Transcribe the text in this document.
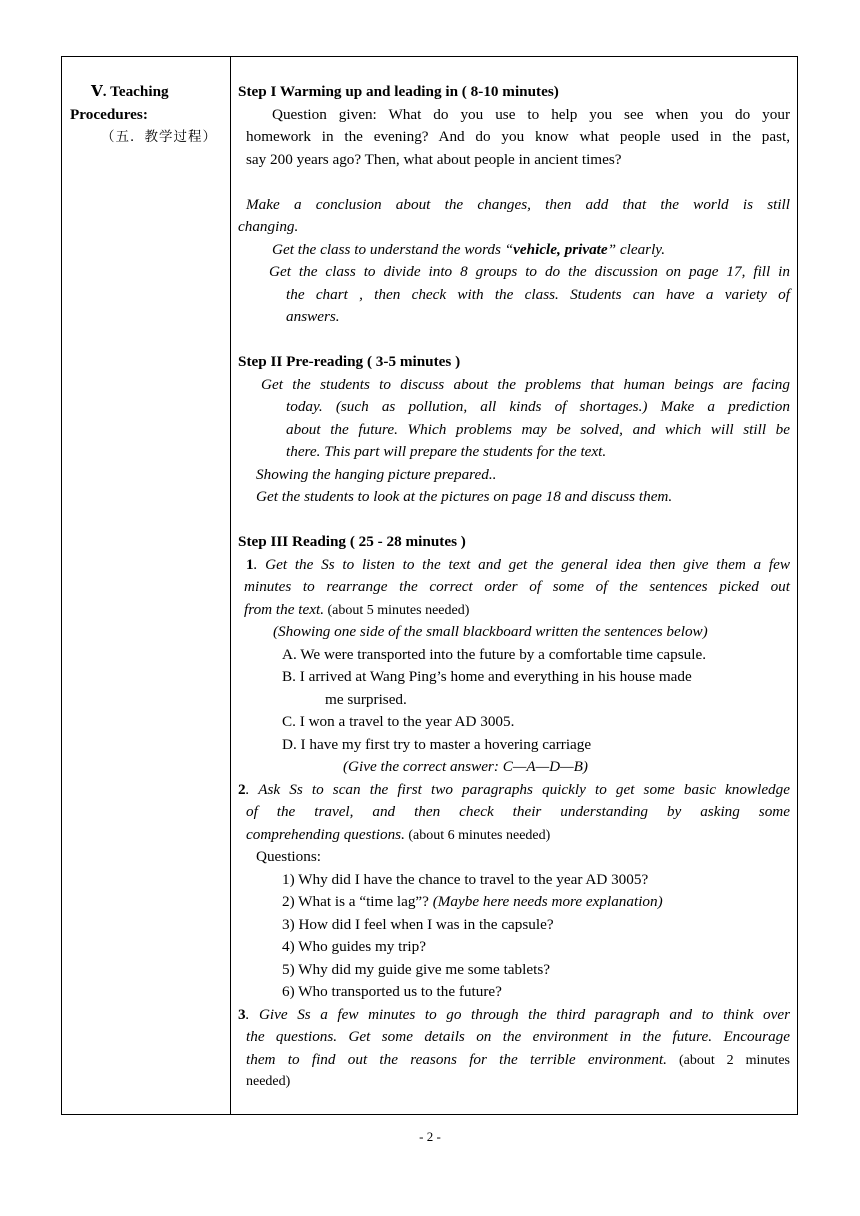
Ⅴ. Teaching
Procedures:
（五．教学过程）
Step I Warming up and leading in ( 8-10 minutes)
Question given: What do you use to help you see when you do your
homework in the evening? And do you know what people used in the past,
say 200 years ago? Then, what about people in ancient times?
Make a conclusion about the changes, then add that the world is still
changing.
Get the class to understand the words “vehicle, private” clearly.
Get the class to divide into 8 groups to do the discussion on page 17, fill in
the chart , then check with the class. Students can have a variety of
answers.
Step II Pre-reading ( 3-5 minutes )
Get the students to discuss about the problems that human beings are facing
today. (such as pollution, all kinds of shortages.) Make a prediction
about the future. Which problems may be solved, and which will still be
there. This part will prepare the students for the text.
Showing the hanging picture prepared..
Get the students to look at the pictures on page 18 and discuss them.
Step III Reading ( 25 - 28 minutes )
1. Get the Ss to listen to the text and get the general idea then give them a few
minutes to rearrange the correct order of some of the sentences picked out
from the text. (about 5 minutes needed)
(Showing one side of the small blackboard written the sentences below)
A. We were transported into the future by a comfortable time capsule.
B. I arrived at Wang Ping’s home and everything in his house made
me surprised.
C. I won a travel to the year AD 3005.
D. I have my first try to master a hovering carriage
(Give the correct answer: C—A—D—B)
2. Ask Ss to scan the first two paragraphs quickly to get some basic knowledge
of the travel, and then check their understanding by asking some
comprehending questions. (about 6 minutes needed)
Questions:
1) Why did I have the chance to travel to the year AD 3005?
2) What is a “time lag”? (Maybe here needs more explanation)
3) How did I feel when I was in the capsule?
4) Who guides my trip?
5) Why did my guide give me some tablets?
6) Who transported us to the future?
3. Give Ss a few minutes to go through the third paragraph and to think over
the questions. Get some details on the environment in the future. Encourage
them to find out the reasons for the terrible environment. (about 2 minutes
needed)
- 2 -
